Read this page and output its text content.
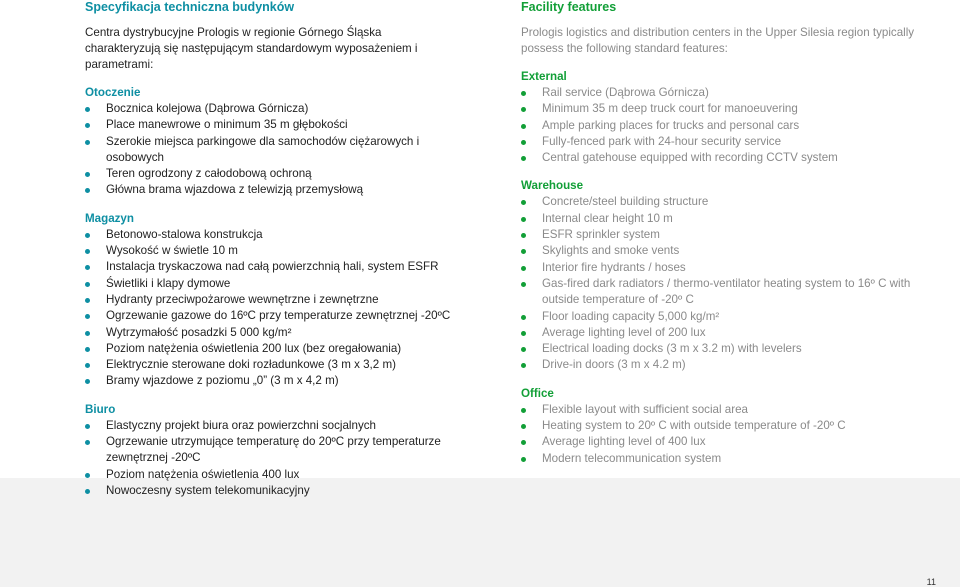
Specyfikacja techniczna budynków

Centra dystrybucyjne Prologis w regionie Górnego Śląska charakteryzują się następującym standardowym wyposażeniem i parametrami:

Otoczenie
Bocznica kolejowa (Dąbrowa Górnicza)
Place manewrowe o minimum 35 m głębokości
Szerokie miejsca parkingowe dla samochodów ciężarowych i osobowych
Teren ogrodzony z całodobową ochroną
Główna brama wjazdowa z telewizją przemysłową
Magazyn
Betonowo-stalowa konstrukcja
Wysokość w świetle 10 m
Instalacja tryskaczowa nad całą powierzchnią hali, system ESFR
Świetliki i klapy dymowe
Hydranty przeciwpożarowe wewnętrzne i zewnętrzne
Ogrzewanie gazowe do 16ºC przy temperaturze zewnętrznej -20ºC
Wytrzymałość posadzki 5 000 kg/m²
Poziom natężenia oświetlenia 200 lux (bez oregałowania)
Elektrycznie sterowane doki rozładunkowe (3 m x 3,2 m)
Bramy wjazdowe z poziomu „0” (3 m x 4,2 m)
Biuro
Elastyczny projekt biura oraz powierzchni socjalnych
Ogrzewanie utrzymujące temperaturę do 20ºC przy temperaturze zewnętrznej -20ºC
Poziom natężenia oświetlenia 400 lux
Nowoczesny system telekomunikacyjny
Facility features

Prologis logistics and distribution centers in the Upper Silesia region typically possess the following standard features:

External
Rail service (Dąbrowa Górnicza)
Minimum 35 m deep truck court for manoeuvering
Ample parking places for trucks and personal cars
Fully-fenced park with 24-hour security service
Central gatehouse equipped with recording CCTV system
Warehouse
Concrete/steel building structure
Internal clear height 10 m
ESFR sprinkler system
Skylights and smoke vents
Interior fire hydrants / hoses
Gas-fired dark radiators / thermo-ventilator heating system to 16º C with outside temperature of -20º C
Floor loading capacity 5,000 kg/m²
Average lighting level of 200 lux
Electrical loading docks (3 m x 3.2 m) with levelers
Drive-in doors (3 m x 4.2 m)
Office
Flexible layout with sufficient social area
Heating system to 20º C with outside temperature of -20º C
Average lighting level of 400 lux
Modern telecommunication system
11
